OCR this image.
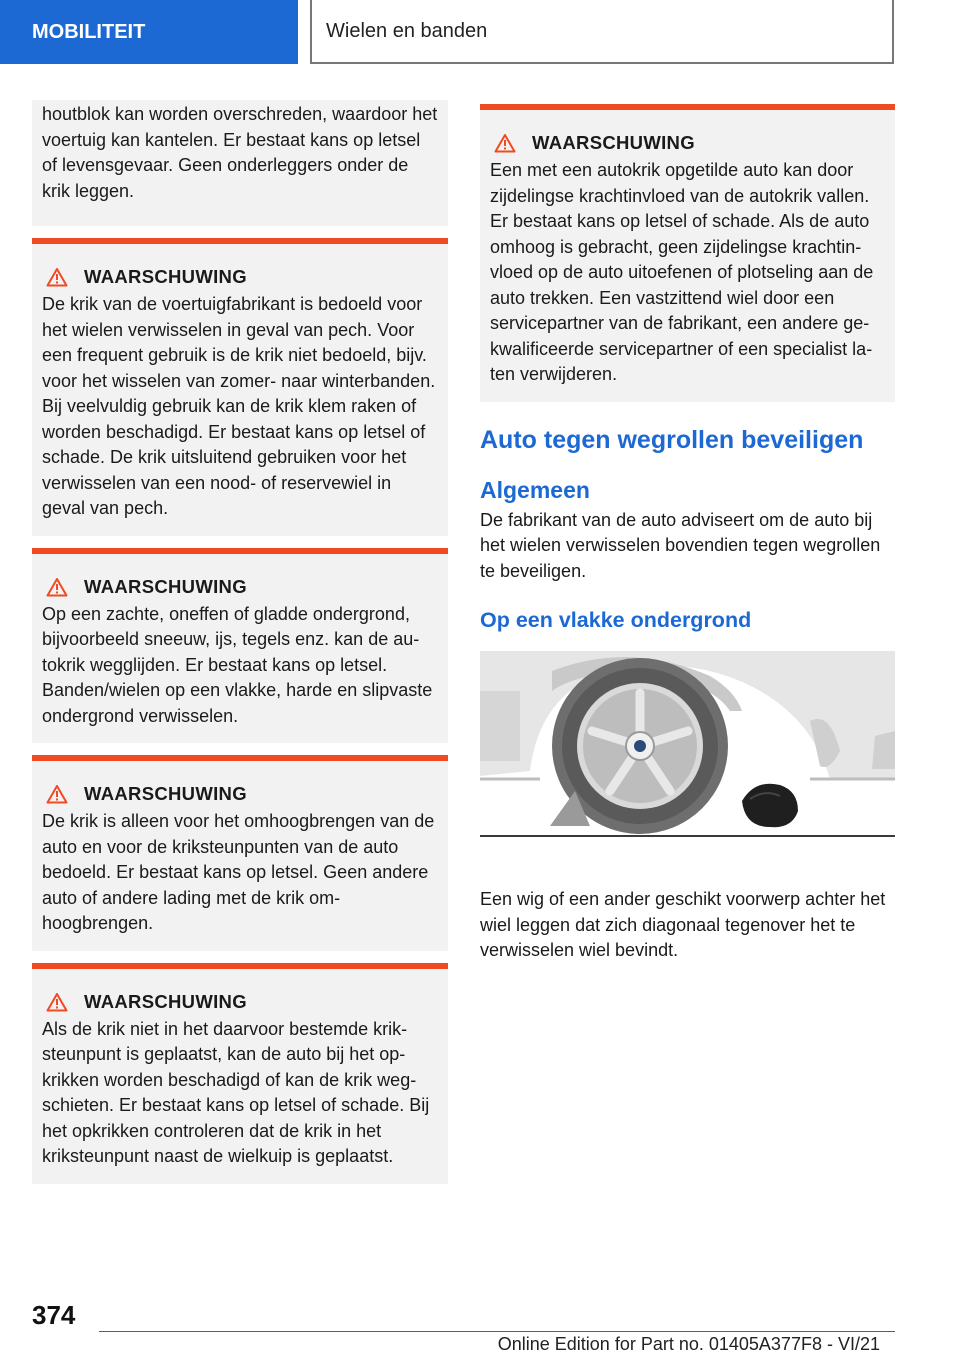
MOBILITEIT	Wielen en banden

houtblok kan worden overschreden, waardoor het voertuig kan kantelen. Er bestaat kans op letsel of levensgevaar. Geen onderleggers onder de krik leggen.

WAARSCHUWING

De krik van de voertuigfabrikant is bedoeld voor het wielen verwisselen in geval van pech. Voor een frequent gebruik is de krik niet bedoeld, bijv. voor het wisselen van zomer- naar winterbanden. Bij veelvuldig gebruik kan de krik klem raken of worden beschadigd. Er bestaat kans op letsel of schade. De krik uitsluitend gebruiken voor het verwisselen van een nood- of reservewiel in geval van pech.

WAARSCHUWING

Op een zachte, oneffen of gladde ondergrond, bijvoorbeeld sneeuw, ijs, tegels enz. kan de autokrik wegglijden. Er bestaat kans op letsel. Banden/wielen op een vlakke, harde en slipvaste ondergrond verwisselen.

WAARSCHUWING

De krik is alleen voor het omhoogbrengen van de auto en voor de kriksteunpunten van de auto bedoeld. Er bestaat kans op letsel. Geen andere auto of andere lading met de krik omhoogbrengen.

WAARSCHUWING

Als de krik niet in het daarvoor bestemde kriksteunpunt is geplaatst, kan de auto bij het opkrikken worden beschadigd of kan de krik wegschieten. Er bestaat kans op letsel of schade. Bij het opkrikken controleren dat de krik in het kriksteunpunt naast de wielkuip is geplaatst.

WAARSCHUWING

Een met een autokrik opgetilde auto kan door zijdelingse krachtinvloed van de autokrik vallen. Er bestaat kans op letsel of schade. Als de auto omhoog is gebracht, geen zijdelingse krachtinvloed op de auto uitoefenen of plotseling aan de auto trekken. Een vastzittend wiel door een servicepartner van de fabrikant, een andere gekwalificeerde servicepartner of een specialist laten verwijderen.

Auto tegen wegrollen beveiligen
Algemeen

De fabrikant van de auto adviseert om de auto bij het wielen verwisselen bovendien tegen wegrollen te beveiligen.

Op een vlakke ondergrond

Een wig of een ander geschikt voorwerp achter het wiel leggen dat zich diagonaal tegenover het te verwisselen wiel bevindt.

374
Online Edition for Part no. 01405A377F8 - VI/21
